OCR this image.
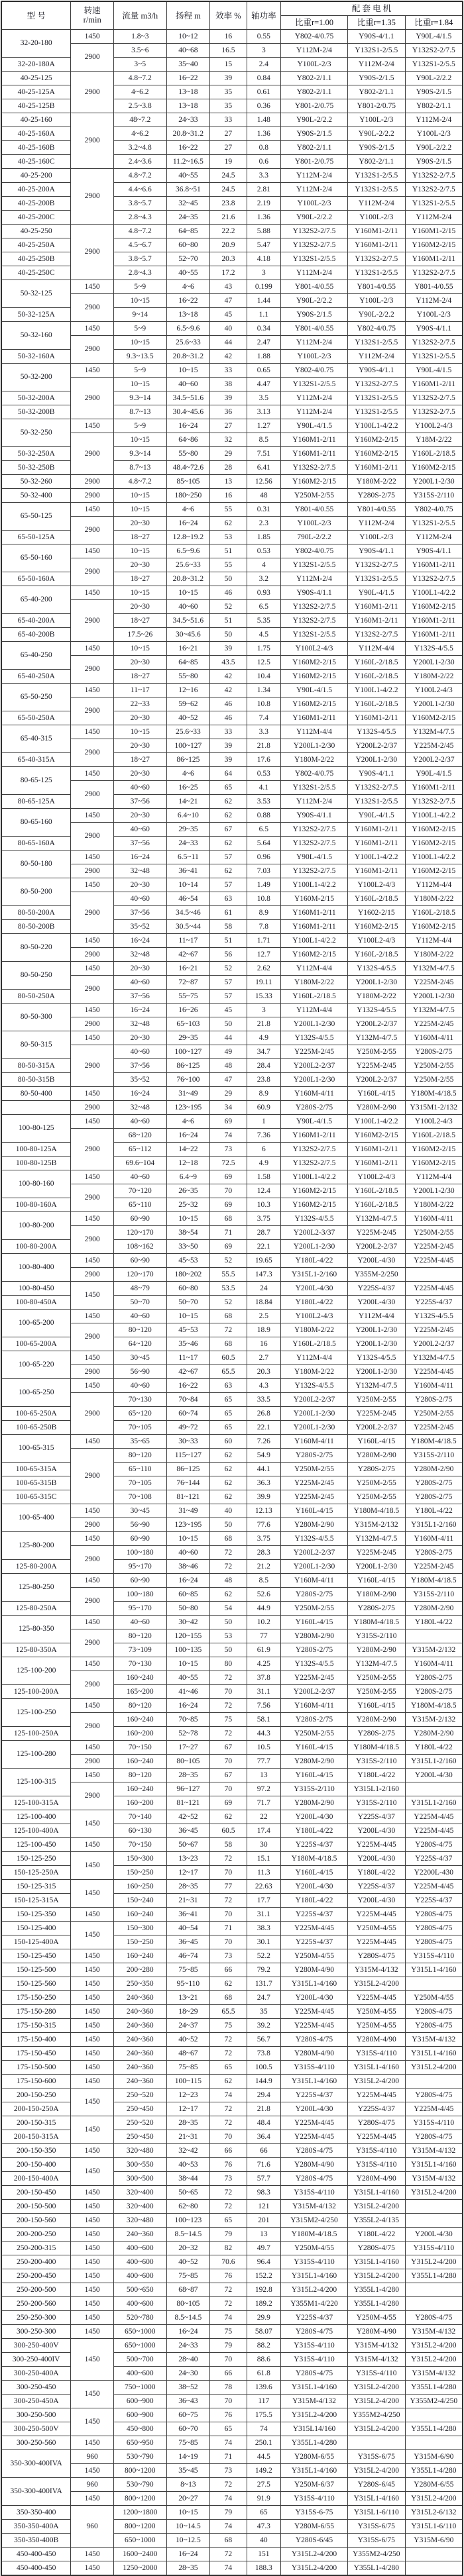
型 号	转速
r/min	流量 m3/h	扬程 m	效率 %	轴功率	配 套 电 机		
						比重r=1.00	比重r=1.35	比重r=1.84
32-20-180	1450	1.8~3	10~12	16	0.55	Y802-4/0.75	Y90S-4/1.1	Y90L-4/1.5
	2900	3.5~6	40~68	16.5	3	Y112M-2/4	Y132S1-2/5.5	Y132S2-2/7.5
32-20-180A		3~5	35~40	15	2.4	Y100L-2/3	Y112M-2/4	Y132S1-2/5.5
40-25-125	2900	4.8~7.2	16~22	39	0.84	Y802-2/1.1	Y90S-2/1.5	Y90L-2/2.2
40-25-125A		4~6.2	13~18	35	0.61	Y802-2/1.1	Y802-2/1.1	Y90S-2/1.5
40-25-125B		2.5~3.8	13~18	35	0.36	Y801-2/0.75	Y801-2/0.75	Y802-2/1.1
40-25-160	2900	48~7.2	24~33	33	1.48	Y90L-2/2.2	Y100L-2/3	Y112M-2/4
40-25-160A		4~6.2	20.8~31.2	27	1.36	Y90S-2/1.5	Y90L-2/2.2	Y100L-2/3
40-25-160B		3.2~4.8	16~22	27	0.8	Y802-2/1.1	Y90S-2/1.5	Y90L-2/2.2
40-25-160C		2.4~3.6	11.2~16.5	19	0.6	Y801-2/0.75	Y802-2/1.1	Y90S-2/1.5
40-25-200	2900	4.8~7.2	40~55	24.5	3.3	Y112M-2/4	Y132S1-2/5.5	Y132S2-2/7.5
40-25-200A		4.4~6.6	36.8~51	24.5	2.81	Y112M-2/4	Y132S1-2/5.5	Y132S2-2/7.5
40-25-200B		3.8~5.7	32~45	23.8	2.19	Y100L-2/3	Y112M-2/4	Y132S1-2/5.5
40-25-200C		2.8~4.3	24~35	21.6	1.36	Y90L-2/2.2	Y100L-2/3	Y112M-2/4
40-25-250	2900	4.8~7.2	64~85	22.2	5.88	Y132S2-2/7.5	Y160M1-2/11	Y160M1-2/15
40-25-250A		4.5~6.7	60~80	20.9	5.47	Y132S2-2/7.5	Y160M1-2/11	Y160M2-2/15
40-25-250B		3.8~5.7	52~70	20.3	4.18	Y132S1-2/5.5	Y132S2-2/7.5	Y160M1-2/11
40-25-250C		2.8~4.3	40~55	17.2	3	Y112M-2/4	Y132S1-2/5.5	Y132S2-2/7.5
50-32-125	1450	5~9	4~6	43	0.199	Y801-4/0.55	Y801-4/0.55	Y801-4/0.55
	2900	10~15	16~22	47	1.44	Y90L-2/2.2	Y100L-2/3	Y112M-2/4
50-32-125A		9~14	13~18	45	1.1	Y90S-2/1.5	Y90L-2/2.2	Y100L-2/3
50-32-160	1450	5~9	6.5~9.6	40	0.34	Y801-4/0.55	Y802-4/0.75	Y90S-4/1.1
	2900	10~15	25.6~33	44	2.47	Y112M-2/4	Y132S1-2/5.5	Y132S2-2/7.5
50-32-160A		9.3~13.5	20.8~31.2	42	1.88	Y100L-2/3	Y112M-2/4	Y132S1-2/5.5
50-32-200	1450	5~9	10~15	33	0.65	Y802-4/0.75	Y90S-4/1.1	Y90L-4/1.5
	2900	10~15	40~60	38	4.47	Y132S1-2/5.5	Y132S2-2/7.5	Y160M1-2/11
50-32-200A		9.3~14	34.5~51.6	39	3.5	Y112M-2/4	Y132S1-2/5.5	Y132S2-2/7.5
50-32-200B		8.7~13	30.4~45.6	36	3.13	Y112M-2/4	Y132S1-2/5.5	Y132S2-2/7.5
50-32-250	1450	5~9	16~24	27	1.27	Y90L-4/1.5	Y100L1-4/2.2	Y100L2-4/3
	2900	10~15	64~86	32	8.5	Y160M1-2/11	Y160M2-2/15	Y18M-2/22
50-32-250A		9.3~14	55~80	29	7.51	Y160M1-2/11	Y160M2-2/15	Y160L-2/18.5
50-32-250B		8.7~13	48.4~72.6	28	6.41	Y132S2-2/7.5	Y160M1-2/11	Y160M2-2/15
50-32-260	2900	4.8~7.2	85~105	13	12.56	Y160M2-2/15	Y180M-2/22	Y200L1-2/30
50-32-400	2900	10~15	180~250	16	48	Y250M-2/55	Y280S-2/75	Y315S-2/110
65-50-125	1450	10~15	4~6	55	0.31	Y801-4/0.55	Y801-4/0.55	Y802-4/0.75
	2900	20~30	16~24	62	2.3	Y100L-2/3	Y112M-2/4	Y132S1-2/5.5
65-50-125A		18~27	12.8~19.2	53	1.85	790L-2/2.2	Y100L-2/3	Y112M-2/4
65-50-160	1450	10~15	6.5~9.6	51	0.53	Y802-4/0.75	Y90S-4/1.1	Y90S-4/1.1
	2900	20~30	25.6~33	55	4	Y132S1-2/5.5	Y132S2-2/7.5	Y160M1-2/11
65-50-160A		18~27	20.8~31.2	50	3.2	Y112M-2/4	Y132S1-2/5.5	Y132S2-2/7.5
65-40-200	1450	10~15	10~15	46	0.93	Y90S-4/1.1	Y90L-4/1.5	Y100L1-4/2.2
	2900	20~30	40~60	52	6.5	Y132S2-2/7.5	Y160M1-2/11	Y160M2-2/15
65-40-200A		18~27	34.5~51.6	51	5.35	Y132S2-2/7.5	Y160M1-2/11	Y160M1-2/11
65-40-200B		17.5~26	30~45.6	50	4.5	Y132S1-2/5.5	Y132S2-2/7.5	Y160M1-2/11
65-40-250	1450	10~15	16~21	39	1.75	Y100L2-4/3	Y112M-4/4	Y132S-4/5.5
	2900	20~30	64~85	43.5	12.5	Y160M2-2/15	Y160L-2/18.5	Y200L1-2/30
65-40-250A		18~27	55~80	42	10.4	Y160M2-2/15	Y160L-2/18.5	Y180M-2/22
65-50-250	1450	11~17	12~16	42	1.34	Y90L-4/1.5	Y100L1-4/2.2	Y100L2-4/3
	2900	22~33	59~62	46	10.8	Y160M2-2/15	Y160L-2/18.5	Y200L1-2/30
65-50-250A		20~30	40~52	46	7.4	Y160M1-2/11	Y160M1-2/11	Y160M2-2/15
65-40-315	1450	10~15	25.6~33	33	3.3	Y112M-4/4	Y132S-4/5.5	Y132M-4/7.5
	2900	20~30	100~127	39	21.8	Y200L1-2/30	Y200L2-2/37	Y225M-2/45
65-40-315A		18~27	86~125	39	17.6	Y180M-2/22	Y200L1-2/30	Y200L2-2/37
80-65-125	1450	20~30	4~6	64	0.53	Y802-4/0.75	Y90S-4/1.1	Y90L-4/1.5
	2900	40~60	16~25	65	4.1	Y132S1-2/5.5	Y132S2-2/7.5	Y160M1-2/11
80-65-125A		37~56	14~21	62	3.53	Y112M-2/4	Y132S1-2/5.5	Y132S2-2/7.5
80-65-160	1450	20~30	6.4~10	62	0.88	Y90S-4/1.1	Y90L-4/1.5	Y100L1-4/2.2
	2900	40~60	29~35	67	6.5	Y132S2-2/7.5	Y160M1-2/11	Y160M2-2/15
80-65-160A		37~56	24~33	62	5.64	Y132S2-2/7.5	Y160M1-2/11	Y160M2-2/15
80-50-180	1450	16~24	6.5~11	57	0.96	Y90L-4/1.5	Y100L1-4/2.2	Y100L1-4/2.2
	2900	32~48	36~41	62	7.03	Y132S2-2/7.5	Y160M1-2/11	Y160M2-2/15
80-50-200	1450	20~30	10~14	57	1.49	Y100L1-4/2.2	Y100L2-4/3	Y112M-4/4
	2900	40~60	46~54	63	10.8	Y160M-2/15	Y160L-2/18.5	Y180M-2/22
80-50-200A		37~56	34.5~46	61	8.9	Y160M1-2/11	Y1602-2/15	Y160L-2/18.5
80-50-200B		35~52	30.5~44	58	7.8	Y160M1-2/11	Y160M2-2/15	Y160M2-2/15
80-50-220	1450	16~24	11~17	51	1.71	Y100L1-4/2.2	Y100L2-4/3	Y112M-4/4
	2900	32~48	42~67	56	12.7	Y160M2-2/15	Y160L-2/18.5	Y180M-2/22
80-50-250	1450	20~30	16~21	52	2.62	Y112M-4/4	Y132S-4/5.5	Y132M-4/7.5
	2900	40~60	72~87	57	19.11	Y180M-2/22	Y200L1-2/30	Y225M-2/45
80-50-250A		37~56	55~75	57	15.33	Y160L-2/18.5	Y180M-2/22	Y200L1-2/30
80-50-300	1450	16~24	16~26	45	3	Y112M-4/4	Y132S-4/5.5	Y132M-4/7.5
	2900	32~48	65~103	50	21.8	Y200L1-2/30	Y200L2-2/37	Y225M-2/45
80-50-315	1450	20~30	29~35	44	4.9	Y132S-4/5.5	Y132M-4/7.5	Y160M-4/11
	2900	40~60	100~127	49	34.7	Y225M-2/45	Y250M-2/55	Y280S-2/75
80-50-315A		37~56	86~125	48	28.4	Y200L2-2/37	Y225M-2/45	Y250M-2/55
80-50-315B		35~52	76~100	47	23.8	Y200L1-2/30	Y200L2-2/37	Y250M-2/55
80-50-400	1450	16~24	31~49	29	8.9	Y160M-4/11	Y160L-4/15	Y180M-4/18.5
	2900	32~48	123~195	34	60.9	Y280S-2/75	Y280M-2/90	Y315M1-2/132
100-80-125	1450	40~60	4~6	69	1	Y90L-4/1.5	Y100L1-4/2.2	Y100L2-4/3
	2900	68~120	16~24	74	7.36	Y160M1-2/11	Y160M2-2/15	Y160L-2/18.5
100-80-125A		65~112	14~22	73	6	Y132S2-2/7.5	Y160M1-2/11	Y160M2-2/15
100-80-125B		69.6~104	12~18	72.5	4.9	Y132S2-2/7.5	Y160M1-2/11	Y160M2-2/15
100-80-160	1450	40~60	6.4~9	69	1.58	Y100L1-4/2.2	Y100L2-4/3	Y112M-4/4
	2900	70~120	26~35	70	12.4	Y160M2-2/15	Y160L-2/18.5	Y200L1-2/30
100-80-160A		65~110	25~32	69	10.3	Y160M2-2/15	Y160L-2/18.5	Y180M-2/22
100-80-200	1450	60~90	10~15	68	3.75	Y132S-4/5.5	Y132M-4/7.5	Y160M-4/11
	2900	120~170	38~54	71	28.7	Y200L2-3/37	Y225M-2/45	Y250M-2/55
100-80-200A		108~162	33~50	69	22.1	Y200L1-2/30	Y200L2-2/37	Y225M-2/45
100-80-400	1450	60~90	45~53	52	19.65	Y180L-4/22	Y200L-4/30	Y225M-4/45
	2900	120~170	180~202	55.5	147.3	Y315L1-2/160	Y355M-2/250	
100-80-450	1450	48~79	60~80	53.5	24	Y200L-4/30	Y225S-4/37	Y225M-4/45
100-80-450A		50~70	50~70	52	18.84	Y180L-4/22	Y200L-4/30	Y225S-4/37
100-65-200	1450	40~60	10~15	68	2.5	Y100L2-4/3	Y112M-4/4	Y132S-4/5.5
	2900	80~120	45~53	72	18.9	Y180M-2/22	Y200L1-2/30	Y225M-2/45
100-65-200A		64~120	35~46	68	16	Y160L-2/18.5	Y200L1-2/30	Y200L2-2/37
100-65-220	1450	30~45	11~17	60.5	2.7	Y112M-4/4	Y132S-4/5.5	Y132M-4/7.5
	2900	56~90	42~67	65.5	20.3	Y180M-2/22	Y200L1-2/30	Y225M-4/45
100-65-250	1450	40~60	16~22	63	4.3	Y132S-4/5.5	Y132M-4/7.5	Y160M-4/11
	2900	70~130	70~84	65	33.5	Y200L2-2/37	Y250M-2/55	Y280S-2/75
100-65-250A		65~120	60~74	65	26.8	Y200L1-2/30	Y225M-2/45	Y250M-2/55
100-65-250B		70~105	49~72	65	22.1	Y200L1-2/30	Y200L2-2/37	Y225M-2/45
100-65-315	1450	35~65	30~33	60	7.26	Y160M-4/11	Y160L-4/15	Y180M-4/18.5
	2900	80~120	115~127	62	54.9	Y280S-2/75	Y280M-2/90	Y315S-2/110
100-65-315A		65~110	86~125	62	44.1	Y250M-2/55	Y280S-2/75	Y280M-2/90
100-65-315B		70~105	76~144	62	36.3	Y225M-2/45	Y250M-2/55	Y280S-2/75
100-65-315C		70~108	81~121	62	39.9	Y225M-2/45	Y250M-2/55	Y280S-2/75
100-65-400	1450	30~45	31~49	40	12.13	Y160L-4/15	Y180M-4/18.5	Y180L-4/22
	2900	56~90	123~195	50	77.6	Y280M-2/90	Y315M-2/132	Y315L1-2/160
125-80-200	1450	60~90	10~15	68	3.75	Y132S-4/5.5	Y132M-4/7.5	Y160M-4/11
	2900	100~180	40~60	72	28.3	Y200L2-2/37	Y225M-2/45	Y280S-2/75
125-80-200A		95~170	38~46	72	21.2	Y200L1-2/30	Y200L1-2/30	Y225M-2/45
125-80-250	1450	60~90	16~24	48	8.5	Y160M-4/11	Y160L-4/15	Y180M-4/18.5
	2900	100~180	60~85	62	52.6	Y280S-2/75	Y180M-2/90	Y315S-2/110
125-80-250A		95~170	50~80	54	44.9	Y250M-2/55	Y280S-2/75	Y280M-2/90
125-80-350	1450	40~60	30~42	50	10.2	Y160L-4/15	Y180M-4/18.5	Y180L-4/22
	2900	80~120	120~155	53	77	Y280M-2/90	Y315S-2/110	
125-80-350A		73~109	100~135	50	61.9	Y280S-2/75	Y280M-2/90	Y315M-2/132
125-100-200	1450	70~130	10~15	80	4.25	Y132S-4/5.5	Y132M-4/7.5	Y160M-4/11
	2900	160~240	40~55	72	37.8	Y225M-2/45	Y250M-2/55	Y280S-2/75
125-100-200A		165~200	41~46	70	31.1	Y200L2-2/37	Y250M-2/55	Y280S-2/75
125-100-250	1450	80~120	16~24	72	7.56	Y160M-4/11	Y160L-4/15	Y180M-4/18.5
	2900	160~240	70~85	75	58.1	Y280S-2/75	Y280M-2/90	Y315M-2/132
125-100-250A		160~200	52~78	72	44.3	Y250M-2/55	Y280S-2/75	Y280M-2/90
125-100-280	1450	70~150	17~27	67	10.5	Y160L-4/15	Y180M-4/18.5	Y180L-4/22
	2900	160~240	80~105	70	77.7	Y280M-2/90	Y315S-2/110	Y315L1-2/160
125-100-315	1450	80~120	28~35	67	13	Y160L-4/15	Y180L-4/22	Y200L-4/30
	2900	160~240	96~127	70	97.2	Y315S-2/110	Y315L1-2/160	
125-100-315A		160~200	81~121	69	71.7	Y280M-2/90	Y315S-2/110	Y315L1-2/160
125-100-400	1450	70~140	42~52	62	22	Y200L-4/30	Y225S-4/37	Y225M-4/45
125-100-400A		60~130	36~45	60.5	17.4	Y180L-4/22	Y200L-4/30	Y225M-4/45
125-100-450	1450	70~150	50~67	58	30	Y225S-4/37	Y225M-4/45	Y280S-4/75
150-125-250	1450	150~300	13~23	72	15.1	Y180M-4/18.5	Y200L-4/30	Y225S-4/37
150-125-250A		150~250	12~17	70	11.3	Y160L-4/15	Y180L-4/22	Y2200L-430
150-125-315	1450	160~250	28~35	77	22.63	Y200L-4/30	Y225S-4/37	Y225M-4/45
150-125-315A		150~240	21~31	72	17.7	Y180L-4/22	Y200L-4/30	Y225S-4/37
150-125-350	1450	160~240	36~41	70	31.1	Y225S-4/37	Y225M-4/45	Y280S-4/75
150-125-400	1450	150~300	40~54	71	38.3	Y225M-4/45	Y250M-4/55	Y280S-4/75
150-125-400A		150~250	36~45	70	30.1	Y225S-4/37	Y225M-4/45	Y280S-4/75
150-125-450	1450	160~240	46~74	73	52.2	Y250M-4/55	Y280S-4/75	Y315S-4/110
150-125-500	1450	200~280	75~85	66	79.2	Y280M-4/90	Y315M-4/132	Y315L1-4/160
150-125-560	1450	250~350	95~110	62	131.7	Y315L1-4/160	Y315L2-4/200	
175-150-250	1450	240~360	13~21	68	24.7	Y200L-4/30	Y225M-4/45	Y250M-4/55
175-150-280	1450	240~360	18~29	65.5	35	Y225M-4/45	Y250M-4/55	Y280S-4/75
175-150-315	1450	240~360	24~37	75	39.2	Y225M-4/45	Y250M-4/55	Y280S-4/75
175-150-400	1450	240~360	40~52	72	56.7	Y280S-4/75	Y280M-4/90	Y315M-4/132
175-150-450	1450	240~360	48~67	72	73.8	Y280M-4/90	Y315S-4/110	Y315L1-4/160
175-150-500	1450	240~360	75~85	65	100.5	Y315S-4/110	Y315L1-4/160	Y315L2-4/200
175-150-600	1450	240~360	100~115	62	144.9	Y315L1-4/160	Y315L2-4/200	
200-150-250	1450	250~520	12~23	74	29.4	Y225S-4/37	Y225M-4/45	Y280S-4/75
200-150-250A		250~450	12~17	72	21.8	Y200L-4/30	Y225S-4/37	Y225M-4/45
200-150-315	1450	250~520	28~35	72	48.4	Y225M-4/45	Y280S-4/75	Y315S-4/110
200-150-315A		250~450	21~31	70	36.4	Y225M-4/45	Y225M-4/45	Y280S-4/75
200-150-350	1450	320~480	32~42	66	66	Y280S-4/75	Y315S-4/110	Y315M-4/132
200-150-400	1450	300~550	40~53	76	71.6	Y280M-4/90	Y315S-4/110	Y315L1-4/160
200-150-400A		300~500	38~44	73	57.7	Y280S-4/75	Y280M-4/90	Y315M-4/132
200-150-450	1450	320~400	50~65	72	98.3	Y315S-4/110	Y315L1-4/160	Y315L2-4/200
200-150-500	1450	320~400	62~80	72	121	Y315M-4/132	Y315L2-4/200	
200-150-560	1450	320~480	100~123	65	201	Y315M2-4/250	Y355L2-4/135	
200-200-250	1450	240~360	8.5~14.5	79	13	Y180M-4/18.5	Y180L-4/22	Y200L-4/30
250-200-315	1450	400~600	20~32	82	49.7	Y250M-4/55	Y280S-4/75	Y315S-4/110
250-200-400	1450	400~600	40~52	70.6	96.4	Y315S-4/110	Y315L1-4/160	Y315L2-4/200
250-200-450	1450	400~600	75~85	76	152.2	Y315L1-4/160	Y315L2-4/200	Y355L1-4/280
250-200-500	1450	500~650	68~87	72	192.8	Y315L2-4/200	Y355L1-4/280	
250-200-560	1450	400~600	80~105	72	189.2	Y355M1-4/220	Y355L1-4/280	
250-250-300	1450	520~780	8.5~14.5	74	29.9	Y225S-4/37	Y250M-4/55	Y280S-4/75
300-250-300	1450	650~1000	16~24	75	58.07	Y280S-4/75	Y280M-4/90	Y315M-4/132
300-250-400V	1450	650~1000	24~33	79	88.2	Y315S-4/110	Y315M-4/132	Y315L2-4/200
300-250-400IV		500~700	28~40	70	88.6	Y315S-4/110	Y315M-4/132	Y315L2-4/200
300-250-400A		400~600	24~30	66	61.8	Y280S-4/75	Y315S-4/110	Y315M-4/132
300-250-450	1450	750~1000	38~52	78	139.6	Y315L1-4/160	Y315L2-4/200	Y355L1-4/280
300-250-450A		600~900	36~43	70	117	Y315M-4/132	Y315L2-4/200	Y355M2-4/250
300-250-500	1450	600~900	60~75	76	175.5	Y315L2-4/200	Y355M2-4/250	
300-250-500V		450~800	60~70	65	74	Y315L14/160	Y315L2-4/200	Y355L1-4/280
300-250-560	1450	650~950	75~85	74	250.1	Y355L1-4/280		
350-300-400IVA	960	530~790	14~19	71	44.5	Y280M-6/55	Y315S-6/75	Y315M-6/90
	1450	800~1200	35~45	73	149.2	Y315L1-4/160	Y315L2-4/200	Y355L1-4/280
350-300-400IVA	960	530~790	8~13	72	27.5	Y250M-6/37	Y280S-6/45	Y280M-6/55
	1450	800~1200	20~27	74	91.9	Y315S-4/110	Y315L1-4/160	Y315L2-4/200
350-350-400	960	1200~1800	10~15	79	65	Y315S-6-75	Y315L1-6/110	Y315L2-6/132
350-350-400A		800~1200	10~14.5	74	47.3	Y280M-6/55	Y315S-6/75	Y315L1-6/110
350-350-400B		650~1000	10~12.5	68	40	Y280S-6/45	Y315S-6/75	Y315M-6/90
450-400-450	1450	1600~2400	16~24	72	151	Y315L2-4/200	Y355M2-4/250	
450-400-450	1450	1250~2000	28~35	74	188.3	Y315L2-4/200	Y355L1-4/280	
